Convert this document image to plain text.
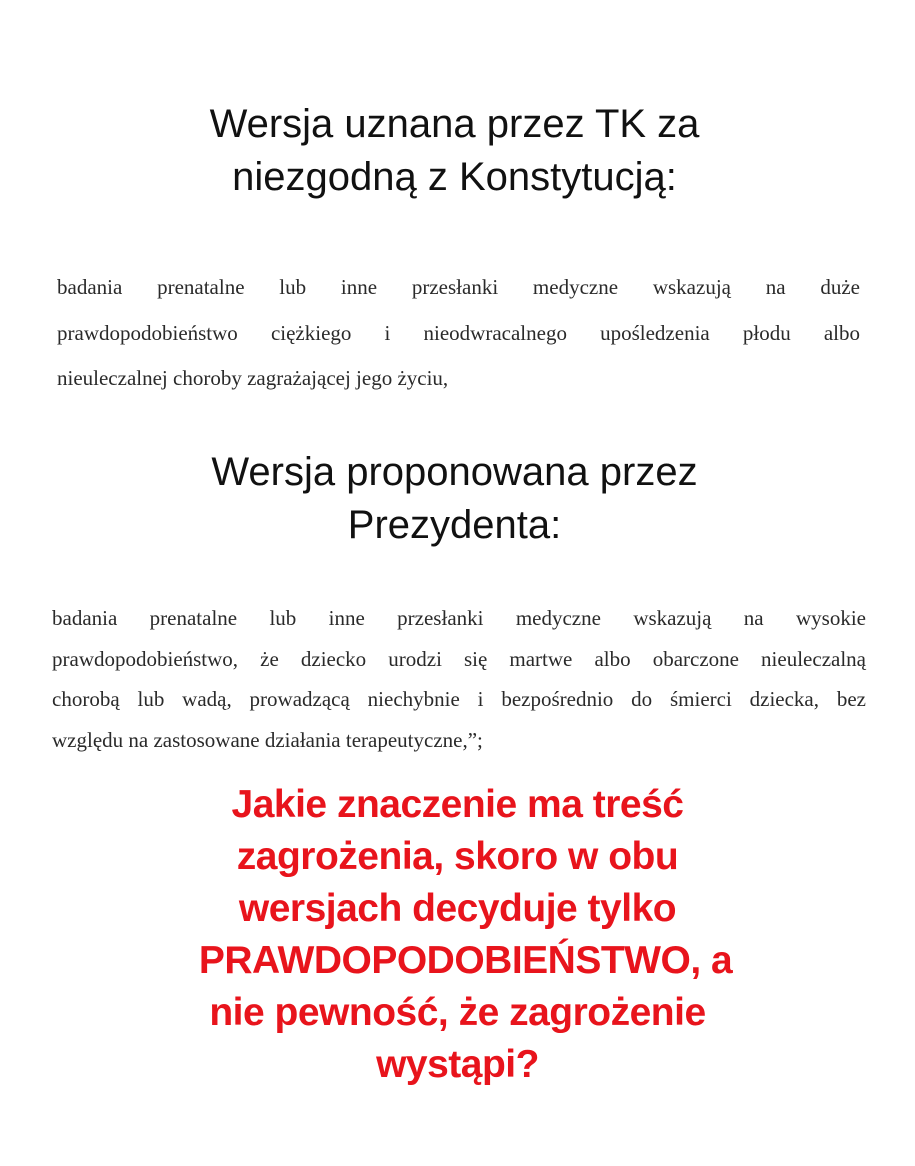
Wersja uznana przez TK za
niezgodną z Konstytucją:

badania prenatalne lub inne przesłanki medyczne wskazują na duże
prawdopodobieństwo ciężkiego i nieodwracalnego upośledzenia płodu albo
nieuleczalnej choroby zagrażającej jego życiu,

Wersja proponowana przez
Prezydenta:

badania prenatalne lub inne przesłanki medyczne wskazują na wysokie
prawdopodobieństwo, że dziecko urodzi się martwe albo obarczone nieuleczalną
chorobą lub wadą, prowadzącą niechybnie i bezpośrednio do śmierci dziecka, bez
względu na zastosowane działania terapeutyczne,”;

Jakie znaczenie ma treść
zagrożenia, skoro w obu
wersjach decyduje tylko
PRAWDOPODOBIEŃSTWO, a
nie pewność, że zagrożenie
wystąpi?
